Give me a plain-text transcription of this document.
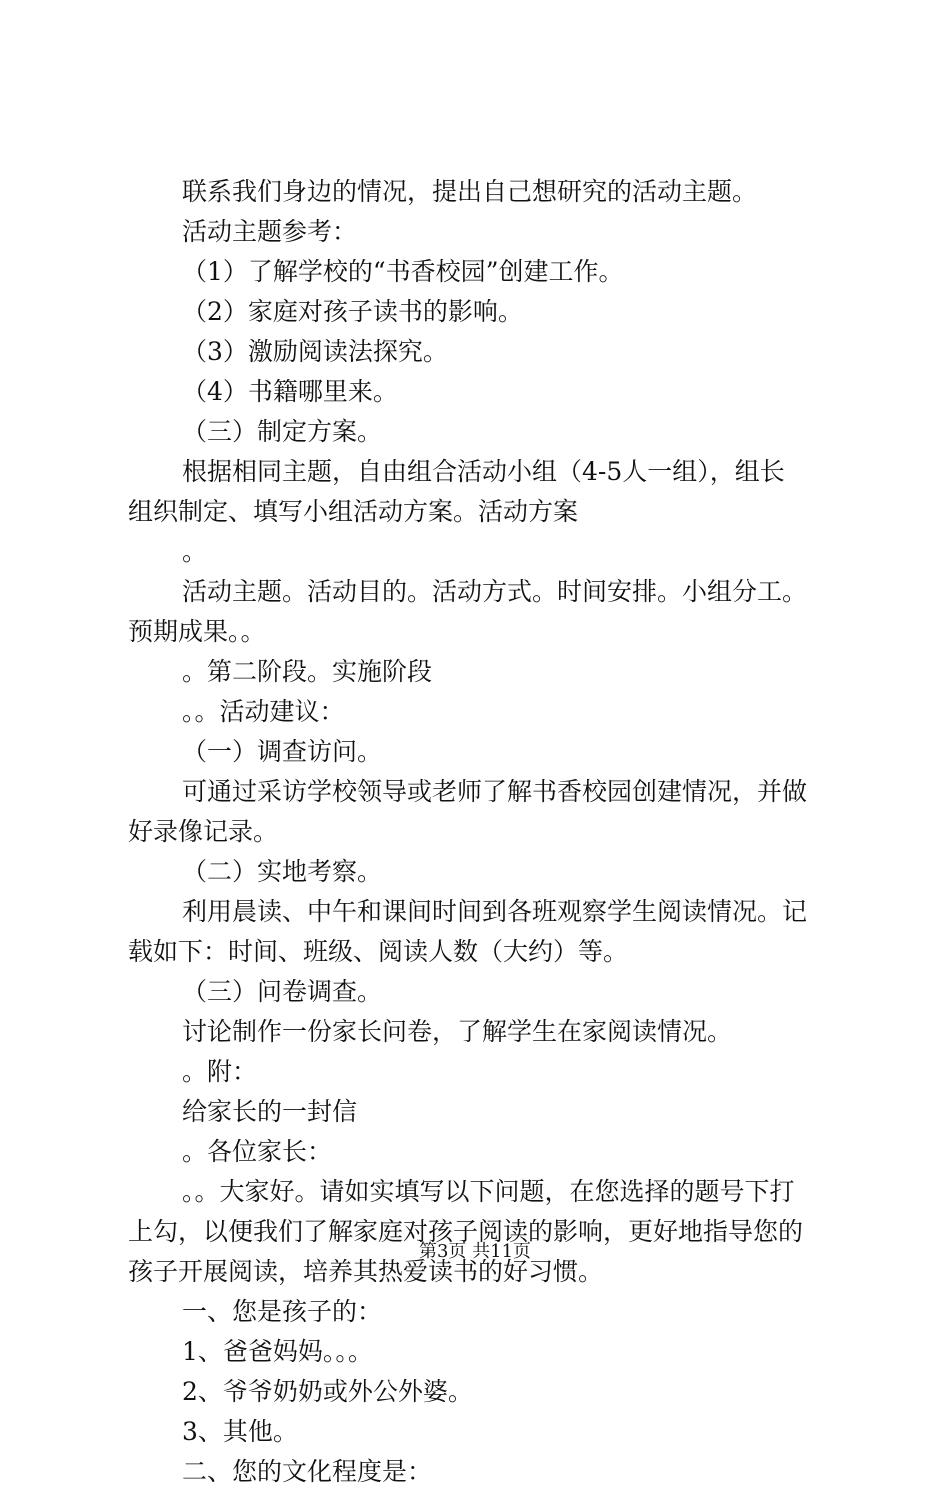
联系我们身边的情况，提出自己想研究的活动主题。
活动主题参考：
（1）了解学校的“书香校园”创建工作。
（2）家庭对孩子读书的影响。
（3）激励阅读法探究。
（4）书籍哪里来。
（三）制定方案。
根据相同主题，自由组合活动小组（4-5人一组），组长
组织制定、填写小组活动方案。活动方案
。
活动主题。活动目的。活动方式。时间安排。小组分工。
预期成果。。
。第二阶段。实施阶段
。。活动建议：
（一）调查访问。
可通过采访学校领导或老师了解书香校园创建情况，并做
好录像记录。
（二）实地考察。
利用晨读、中午和课间时间到各班观察学生阅读情况。记
载如下：时间、班级、阅读人数（大约）等。
（三）问卷调查。
讨论制作一份家长问卷，了解学生在家阅读情况。
。附：
给家长的一封信
。各位家长：
。。大家好。请如实填写以下问题，在您选择的题号下打
上勾，以便我们了解家庭对孩子阅读的影响，更好地指导您的
孩子开展阅读，培养其热爱读书的好习惯。
一、您是孩子的：
1、爸爸妈妈。。。
2、爷爷奶奶或外公外婆。
3、其他。
二、您的文化程度是：
第3页 共11页
